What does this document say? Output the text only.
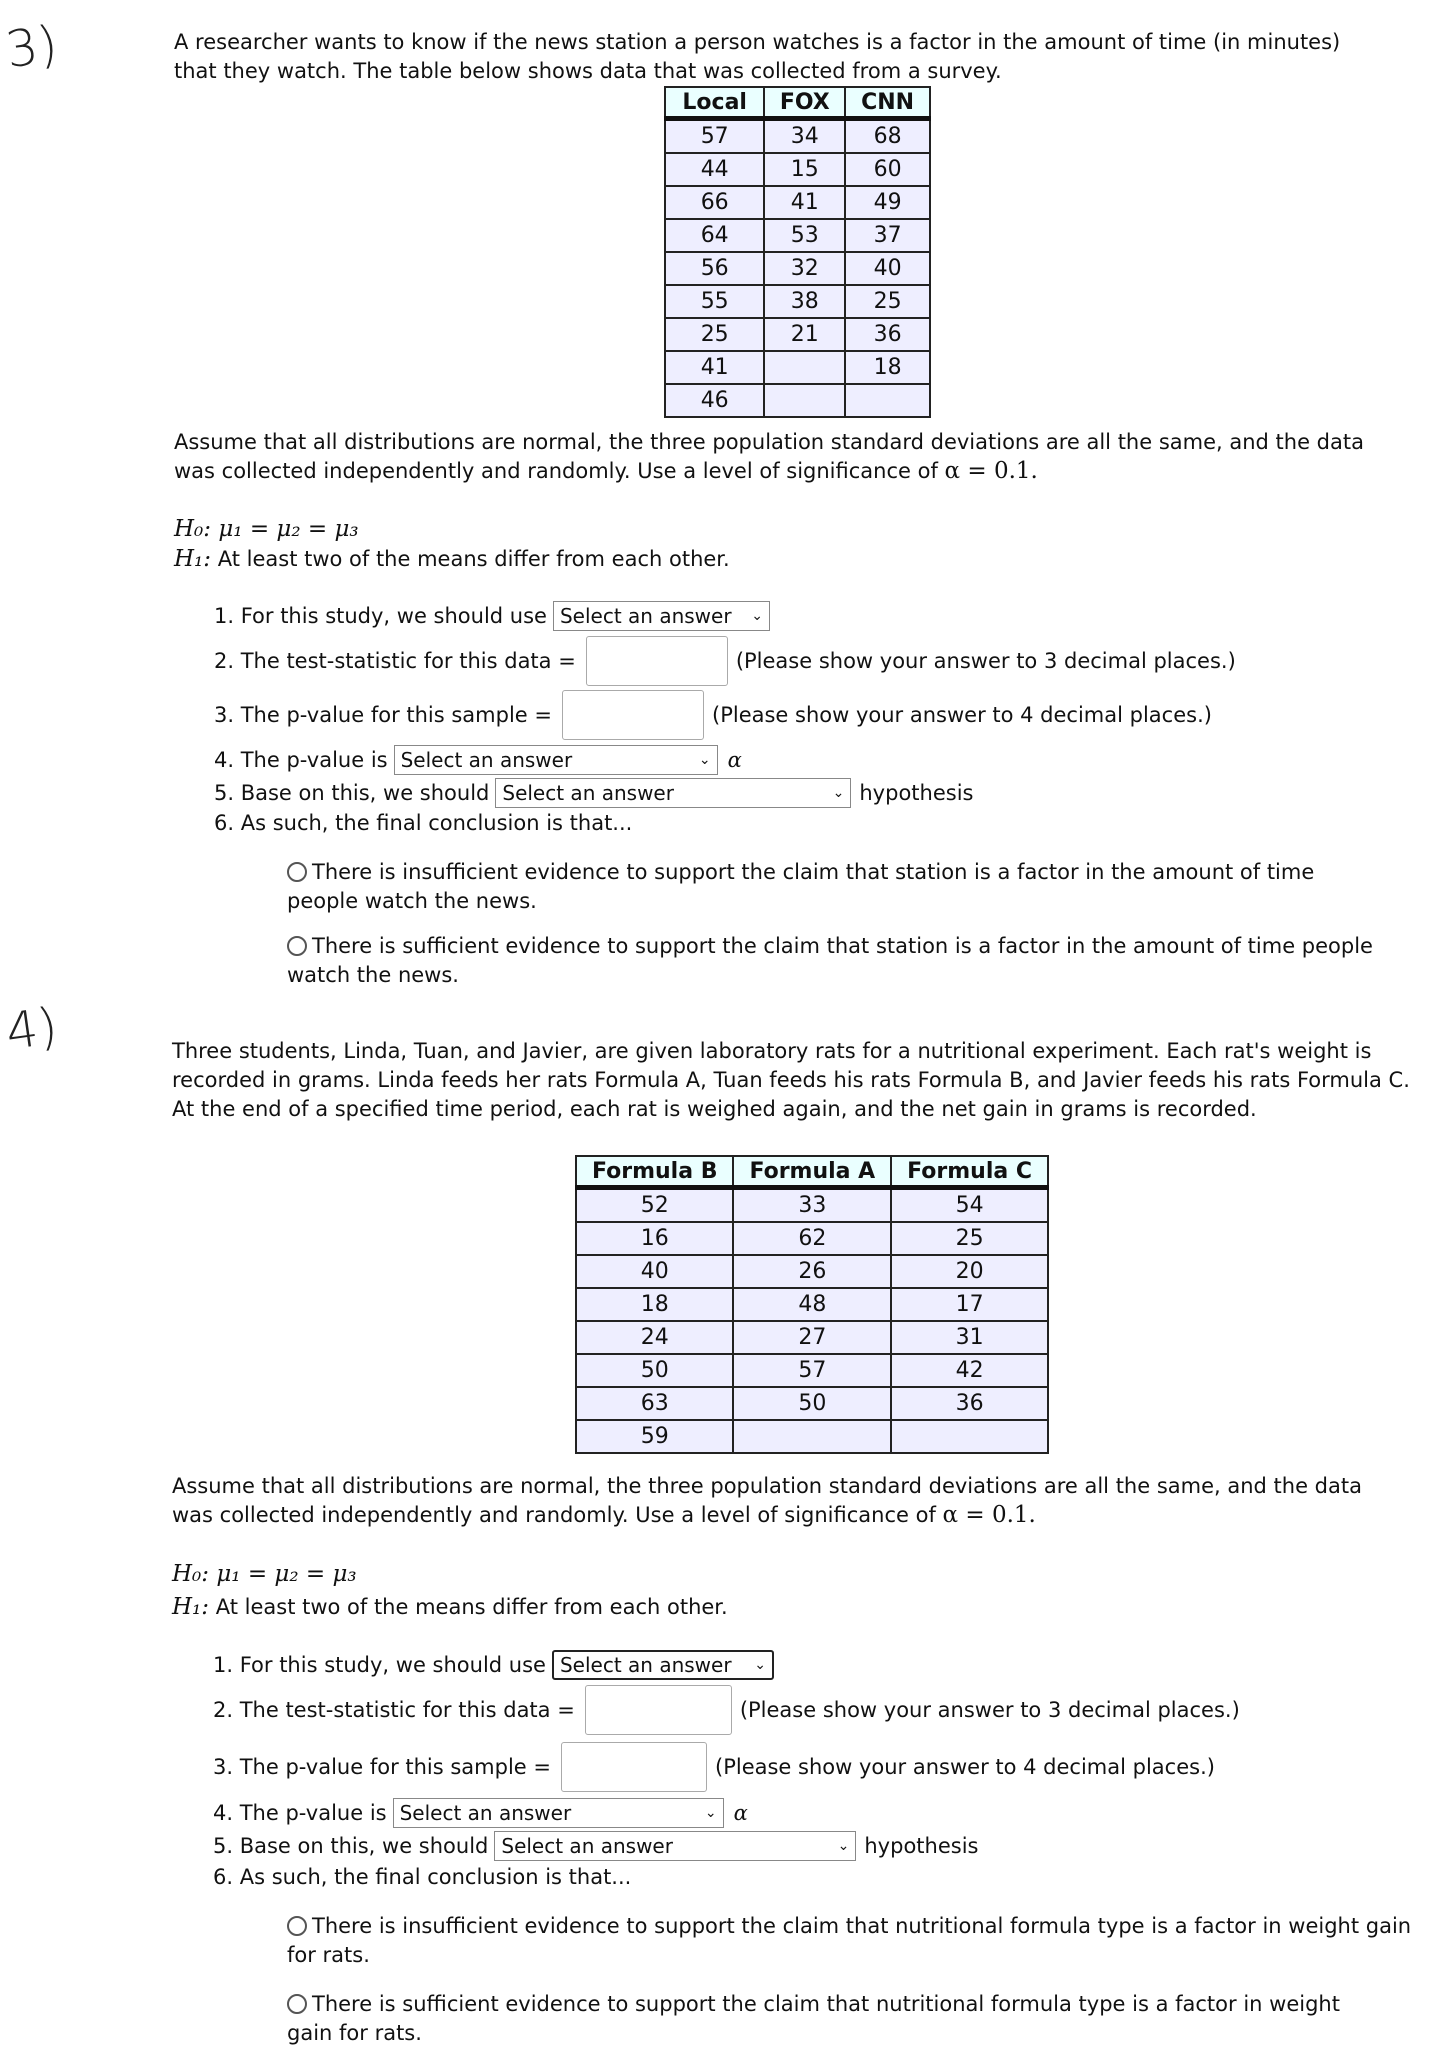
3)	A researcher wants to know if the news station a person watches is a factor in the amount of time (in minutes) that they watch. The table below shows data that was collected from a survey.
Local	FOX	CNN
57	34	68
44	15	60
66	41	49
64	53	37
56	32	40
55	38	25
25	21	36
41		18
46		
Assume that all distributions are normal, the three population standard deviations are all the same, and the data was collected independently and randomly. Use a level of significance of α = 0.1.
H₀: μ₁ = μ₂ = μ₃
H₁: At least two of the means differ from each other.
1. For this study, we should use Select an answer ⌄
2. The test-statistic for this data =	(Please show your answer to 3 decimal places.)
3. The p-value for this sample =	(Please show your answer to 4 decimal places.)
4. The p-value is Select an answer	⌄ α
5. Base on this, we should Select an answer	⌄ hypothesis
6. As such, the final conclusion is that...
There is insufficient evidence to support the claim that station is a factor in the amount of time people watch the news.
There is sufficient evidence to support the claim that station is a factor in the amount of time people watch the news.
4)	Three students, Linda, Tuan, and Javier, are given laboratory rats for a nutritional experiment. Each rat's weight is recorded in grams. Linda feeds her rats Formula A, Tuan feeds his rats Formula B, and Javier feeds his rats Formula C. At the end of a specified time period, each rat is weighed again, and the net gain in grams is recorded.
Formula B	Formula A	Formula C
52	33	54
16	62	25
40	26	20
18	48	17
24	27	31
50	57	42
63	50	36
59		
Assume that all distributions are normal, the three population standard deviations are all the same, and the data was collected independently and randomly. Use a level of significance of α = 0.1.
H₀: μ₁ = μ₂ = μ₃
H₁: At least two of the means differ from each other.
1. For this study, we should use Select an answer ⌄
2. The test-statistic for this data =	(Please show your answer to 3 decimal places.)
3. The p-value for this sample =	(Please show your answer to 4 decimal places.)
4. The p-value is Select an answer	⌄ α
5. Base on this, we should Select an answer	⌄ hypothesis
6. As such, the final conclusion is that...
There is insufficient evidence to support the claim that nutritional formula type is a factor in weight gain for rats.
There is sufficient evidence to support the claim that nutritional formula type is a factor in weight gain for rats.
